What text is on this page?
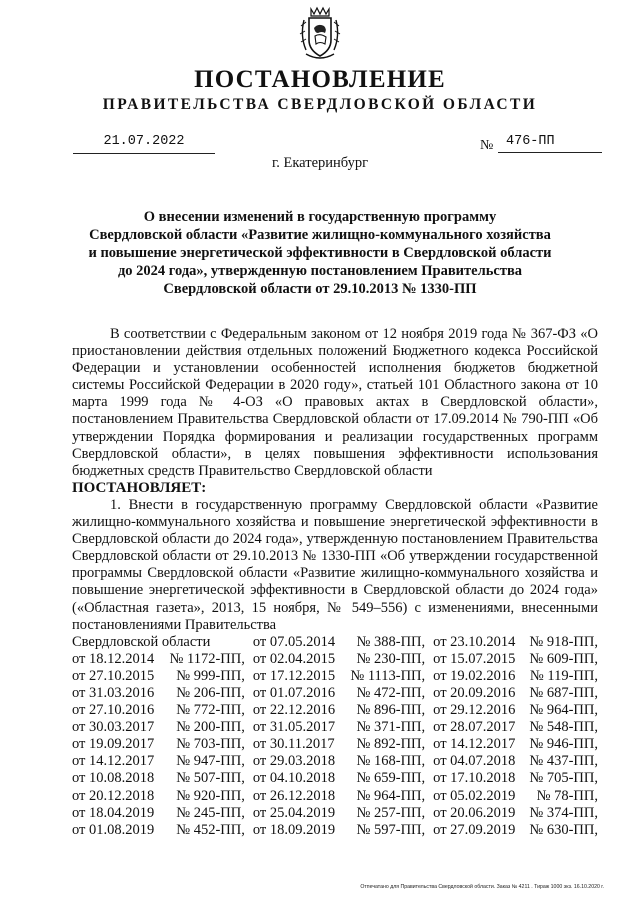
ПОСТАНОВЛЕНИЕ
ПРАВИТЕЛЬСТВА СВЕРДЛОВСКОЙ ОБЛАСТИ
21.07.2022	№ 476-ПП
г. Екатеринбург
О внесении изменений в государственную программу
Свердловской области «Развитие жилищно-коммунального хозяйства
и повышение энергетической эффективности в Свердловской области
до 2024 года», утвержденную постановлением Правительства
Свердловской области от 29.10.2013 № 1330-ПП

В соответствии с Федеральным законом от 12 ноября 2019 года № 367-ФЗ «О приостановлении действия отдельных положений Бюджетного кодекса Российской Федерации и установлении особенностей исполнения бюджетов бюджетной системы Российской Федерации в 2020 году», статьей 101 Областного закона от 10 марта 1999 года № 4-ОЗ «О правовых актах в Свердловской области», постановлением Правительства Свердловской области от 17.09.2014 № 790-ПП «Об утверждении Порядка формирования и реализации государственных программ Свердловской области», в целях повышения эффективности использования бюджетных средств Правительство Свердловской области

ПОСТАНОВЛЯЕТ:

1. Внести в государственную программу Свердловской области «Развитие жилищно-коммунального хозяйства и повышение энергетической эффективности в Свердловской области до 2024 года», утвержденную постановлением Правительства Свердловской области от 29.10.2013 № 1330-ПП «Об утверждении государственной программы Свердловской области «Развитие жилищно-коммунального хозяйства и повышение энергетической эффективности в Свердловской области до 2024 года» («Областная газета», 2013, 15 ноября, № 549–556) с изменениями, внесенными постановлениями Правительства

Свердловской области		от 07.05.2014	№ 388-ПП,	от 23.10.2014	№ 918-ПП,
от 18.12.2014	№ 1172-ПП,	от 02.04.2015	№ 230-ПП,	от 15.07.2015	№ 609-ПП,
от 27.10.2015	№ 999-ПП,	от 17.12.2015	№ 1113-ПП,	от 19.02.2016	№ 119-ПП,
от 31.03.2016	№ 206-ПП,	от 01.07.2016	№ 472-ПП,	от 20.09.2016	№ 687-ПП,
от 27.10.2016	№ 772-ПП,	от 22.12.2016	№ 896-ПП,	от 29.12.2016	№ 964-ПП,
от 30.03.2017	№ 200-ПП,	от 31.05.2017	№ 371-ПП,	от 28.07.2017	№ 548-ПП,
от 19.09.2017	№ 703-ПП,	от 30.11.2017	№ 892-ПП,	от 14.12.2017	№ 946-ПП,
от 14.12.2017	№ 947-ПП,	от 29.03.2018	№ 168-ПП,	от 04.07.2018	№ 437-ПП,
от 10.08.2018	№ 507-ПП,	от 04.10.2018	№ 659-ПП,	от 17.10.2018	№ 705-ПП,
от 20.12.2018	№ 920-ПП,	от 26.12.2018	№ 964-ПП,	от 05.02.2019	№ 78-ПП,
от 18.04.2019	№ 245-ПП,	от 25.04.2019	№ 257-ПП,	от 20.06.2019	№ 374-ПП,
от 01.08.2019	№ 452-ПП,	от 18.09.2019	№ 597-ПП,	от 27.09.2019	№ 630-ПП,
Отпечатано для Правительства Свердловской области. Заказ № 4211 . Тираж 1000 экз. 16.10.2020 г.
